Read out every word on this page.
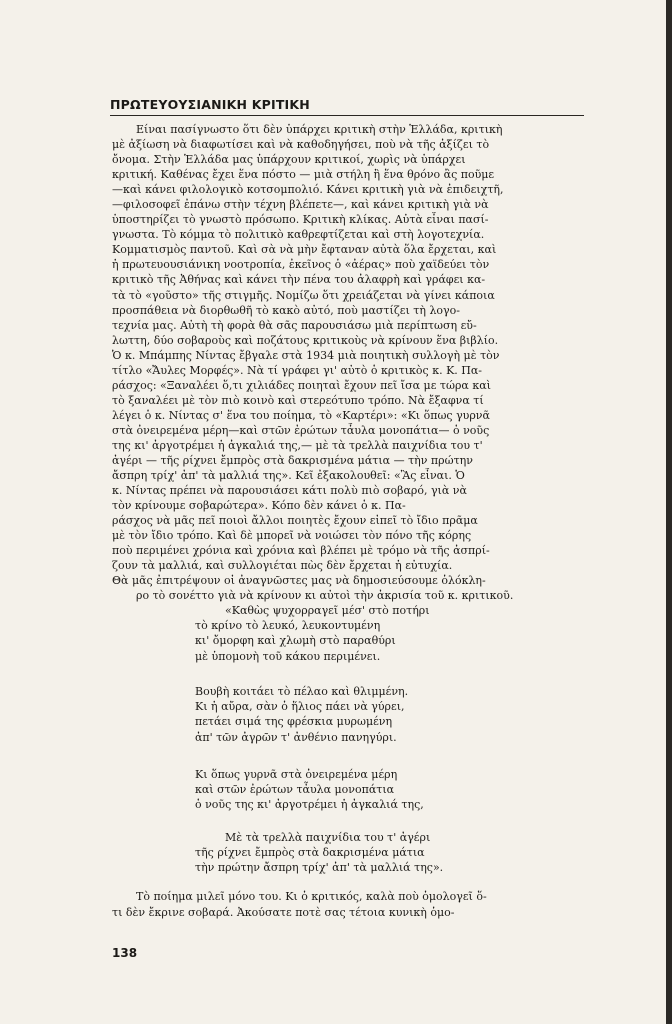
ΠΡΩΤΕΥΟΥΣΙΑΝΙΚΗ ΚΡΙΤΙΚΗ
Είναι πασίγνωστο ὅτι δὲν ὑπάρχει κριτικὴ στὴν Ἑλλάδα, κριτικὴ
μὲ ἀξίωση νὰ διαφωτίσει καὶ νὰ καθοδηγήσει, ποὺ νὰ τῆς ἀξίζει τὸ
ὄνομα. Στὴν Ἑλλάδα μας ὑπάρχουν κριτικοί, χωρὶς νὰ ὑπάρχει
κριτική. Καθένας ἔχει ἕνα πόστο — μιὰ στήλη ἢ ἕνα θρόνο ἂς ποῦμε
—καὶ κάνει φιλολογικὸ κοτσομπολιό. Κάνει κριτικὴ γιὰ νὰ ἐπιδειχτῆ,
—φιλοσοφεῖ ἐπάνω στὴν τέχνη βλέπετε—, καὶ κάνει κριτικὴ γιὰ νὰ
ὑποστηρίζει τὸ γνωστὸ πρόσωπο. Κριτικὴ κλίκας. Αὐτὰ εἶναι πασί-
γνωστα. Τὸ κόμμα τὸ πολιτικὸ καθρεφτίζεται καὶ στὴ λογοτεχνία.
Κομματισμὸς παντοῦ. Καὶ σὰ νὰ μὴν ἔφταναν αὐτὰ ὅλα ἔρχεται, καὶ
ἡ πρωτευουσιάνικη νοοτροπία, ἐκεῖνος ὁ «ἀέρας» ποὺ χαϊδεύει τὸν
κριτικὸ τῆς Ἀθήνας καὶ κάνει τὴν πένα του ἀλαφρὴ καὶ γράφει κα-
τὰ τὸ «γοῦστο» τῆς στιγμῆς. Νομίζω ὅτι χρειάζεται νὰ γίνει κάποια
προσπάθεια νὰ διορθωθῆ τὸ κακὸ αὐτό, ποὺ μαστίζει τὴ λογο-
τεχνία μας. Αὐτὴ τὴ φορὰ θὰ σᾶς παρουσιάσω μιὰ περίπτωση εὔ-
λωττη, δύο σοβαροὺς καὶ ποζάτους κριτικοὺς νὰ κρίνουν ἕνα βιβλίο.
Ὁ κ. Μπάμπης Νίντας ἔβγαλε στὰ 1934 μιὰ ποιητικὴ συλλογὴ μὲ τὸν
τίτλο «Ἄυλες Μορφές». Νὰ τί γράφει γι' αὐτὸ ὁ κριτικὸς κ. Κ. Πα-
ράσχος: «Ξαναλέει ὅ,τι χιλιάδες ποιηταὶ ἔχουν πεῖ ἴσα με τώρα καὶ
τὸ ξαναλέει μὲ τὸν πιὸ κοινὸ καὶ στερεότυπο τρόπο. Νὰ ἔξαφνα τί
λέγει ὁ κ. Νίντας σ' ἕνα του ποίημα, τὸ «Καρτέρι»: «Κι ὅπως γυρνᾶ
στὰ ὀνειρεμένα μέρη—καὶ στῶν ἐρώτων τἆυλα μονοπάτια— ὁ νοῦς
της κι' ἀργοτρέμει ἡ ἀγκαλιά της,— μὲ τὰ τρελλὰ παιχνίδια του τ'
ἀγέρι — τῆς ρίχνει ἔμπρὸς στὰ δακρισμένα μάτια — τὴν πρώτην
ἄσπρη τρίχ' ἀπ' τὰ μαλλιά της». Κεῖ ἐξακολουθεῖ: «Ἂς εἶναι. Ὁ
κ. Νίντας πρέπει νὰ παρουσιάσει κάτι πολὺ πιὸ σοβαρό, γιὰ νὰ
τὸν κρίνουμε σοβαρώτερα». Κόπο δὲν κάνει ὁ κ. Πα-
ράσχος νὰ μᾶς πεῖ ποιοὶ ἄλλοι ποιητὲς ἔχουν εἰπεῖ τὸ ἴδιο πρᾶμα
μὲ τὸν ἴδιο τρόπο. Καὶ δὲ μπορεῖ νὰ νοιώσει τὸν πόνο τῆς κόρης
ποὺ περιμένει χρόνια καὶ χρόνια καὶ βλέπει μὲ τρόμο νὰ τῆς ἀσπρί-
ζουν τὰ μαλλιά, καὶ συλλογιέται πὼς δὲν ἔρχεται ἡ εὐτυχία.
Θὰ μᾶς ἐπιτρέψουν οἱ ἀναγνῶστες μας νὰ δημοσιεύσουμε ὁλόκλη-
ρο τὸ σονέττο γιὰ νὰ κρίνουν κι αὐτοὶ τὴν ἀκρισία τοῦ κ. κριτικοῦ.
«Καθὼς ψυχορραγεῖ μέσ' στὸ ποτήρι
τὸ κρίνο τὸ λευκό, λευκοντυμένη
κι' ὄμορφη καὶ χλωμὴ στὸ παραθύρι
μὲ ὑπομονὴ τοῦ κάκου περιμένει.
Βουβὴ κοιτάει τὸ πέλαο καὶ θλιμμένη.
Κι ἡ αὔρα, σὰν ὁ ἥλιος πάει νὰ γύρει,
πετάει σιμά της φρέσκια μυρωμένη
ἀπ' τῶν ἀγρῶν τ' ἀνθένιο πανηγύρι.
Κι ὅπως γυρνᾶ στὰ ὀνειρεμένα μέρη
καὶ στῶν ἐρώτων τἆυλα μονοπάτια
ὁ νοῦς της κι' ἀργοτρέμει ἡ ἀγκαλιά της,
Μὲ τὰ τρελλὰ παιχνίδια του τ' ἀγέρι
τῆς ρίχνει ἔμπρὸς στὰ δακρισμένα μάτια
τὴν πρώτην ἄσπρη τρίχ' ἀπ' τὰ μαλλιά της».
Τὸ ποίημα μιλεῖ μόνο του. Κι ὁ κριτικός, καλὰ ποὺ ὁμολογεῖ ὅ-
τι δὲν ἔκρινε σοβαρά. Ἀκούσατε ποτὲ σας τέτοια κυνικὴ ὁμο-
138
